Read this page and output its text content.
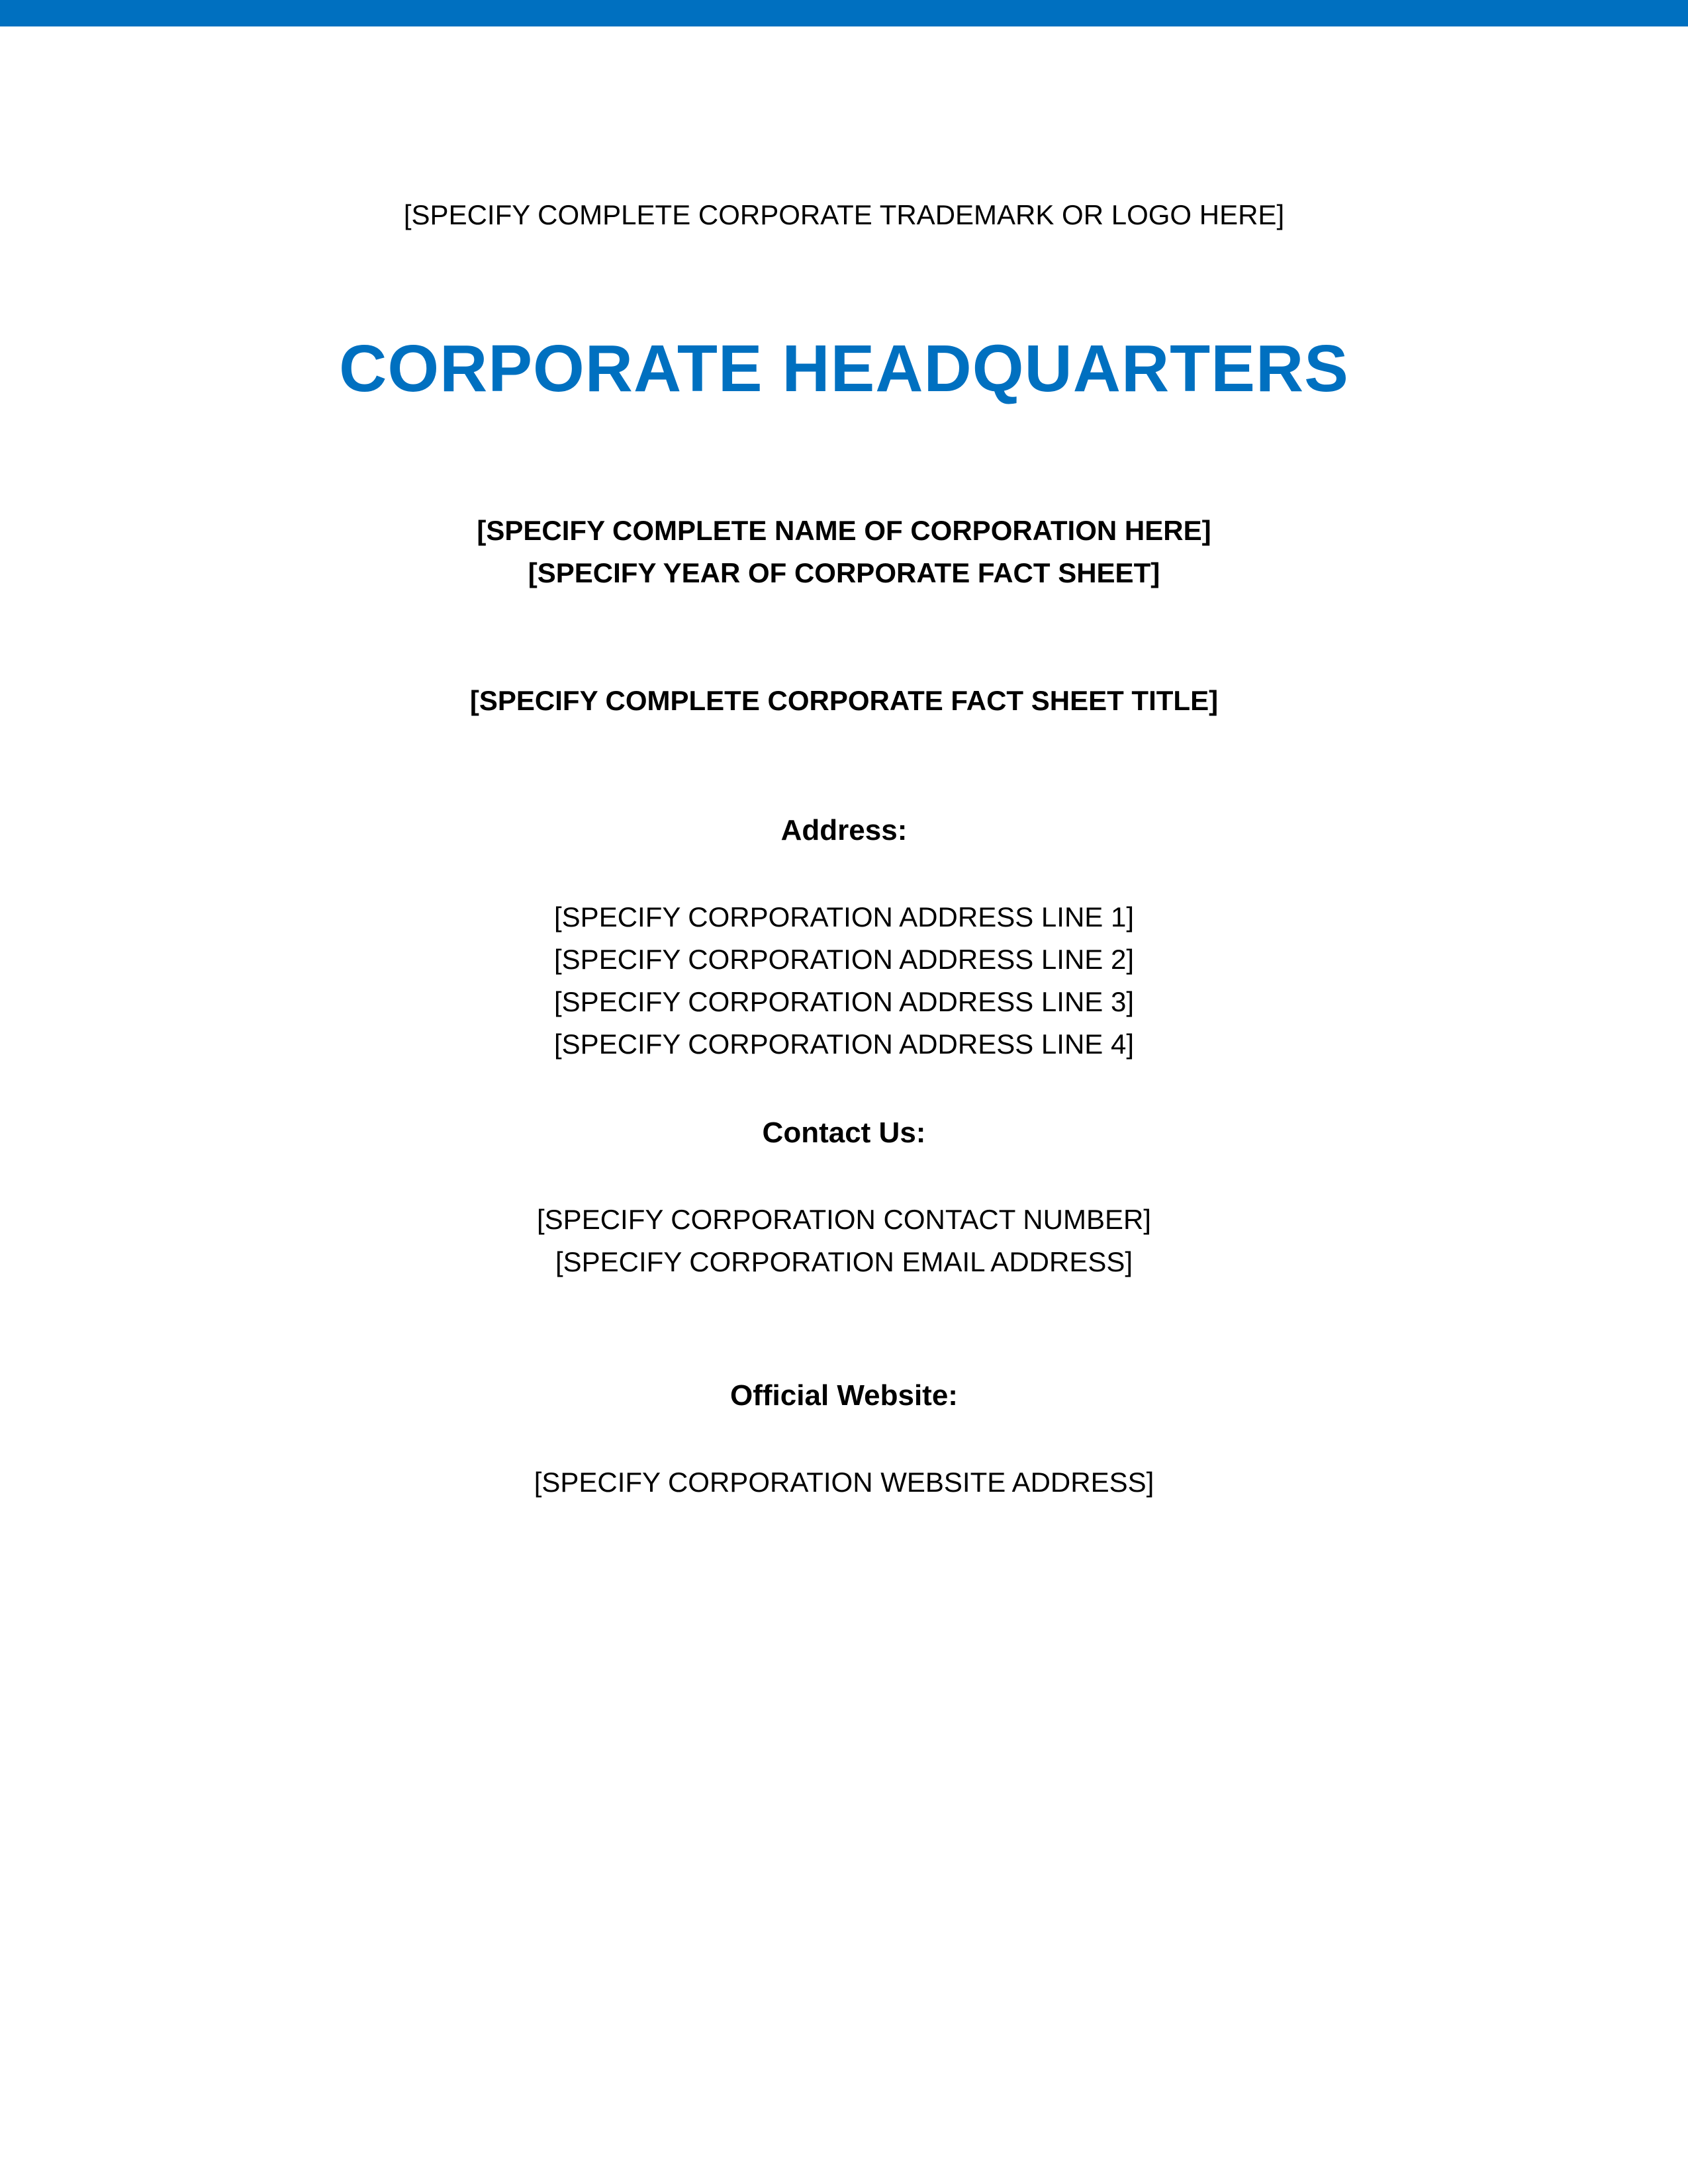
[SPECIFY COMPLETE CORPORATE TRADEMARK OR LOGO HERE]
CORPORATE HEADQUARTERS
[SPECIFY COMPLETE NAME OF CORPORATION HERE]
[SPECIFY YEAR OF CORPORATE FACT SHEET]
[SPECIFY COMPLETE CORPORATE FACT SHEET TITLE]
Address:
[SPECIFY CORPORATION ADDRESS LINE 1]
[SPECIFY CORPORATION ADDRESS LINE 2]
[SPECIFY CORPORATION ADDRESS LINE 3]
[SPECIFY CORPORATION ADDRESS LINE 4]
Contact Us:
[SPECIFY CORPORATION CONTACT NUMBER]
[SPECIFY CORPORATION EMAIL ADDRESS]
Official Website:
[SPECIFY CORPORATION WEBSITE ADDRESS]
